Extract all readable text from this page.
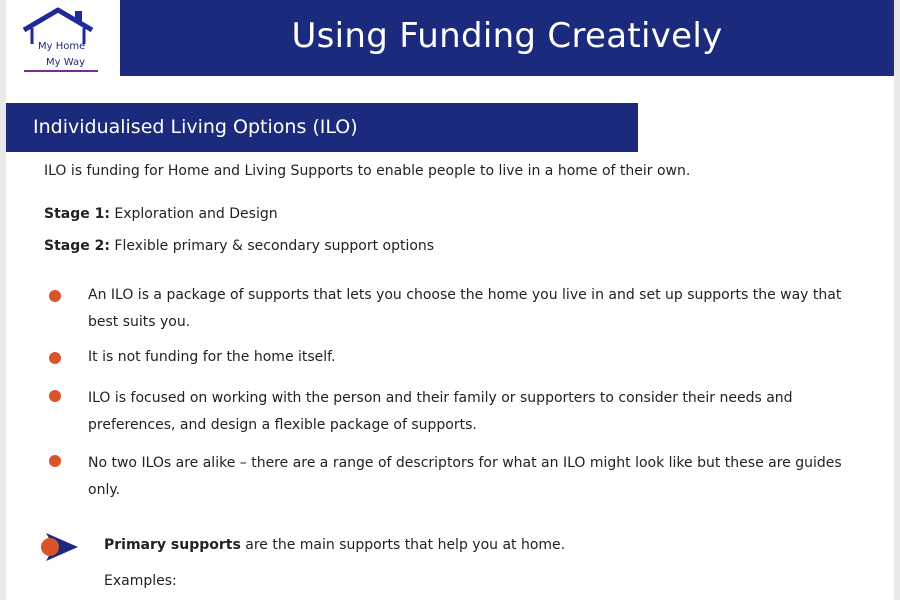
My Home
My Way
Using Funding Creatively
Individualised Living Options (ILO)
ILO is funding for Home and Living Supports to enable people to live in a home of their own.
Stage 1: Exploration and Design
Stage 2: Flexible primary & secondary support options
An ILO is a package of supports that lets you choose the home you live in and set up supports the way that best suits you.
It is not funding for the home itself.
ILO is focused on working with the person and their family or supporters to consider their needs and preferences, and design a flexible package of supports.
No two ILOs are alike – there are a range of descriptors for what an ILO might look like but these are guides only.
Primary supports are the main supports that help you at home.
Examples:
